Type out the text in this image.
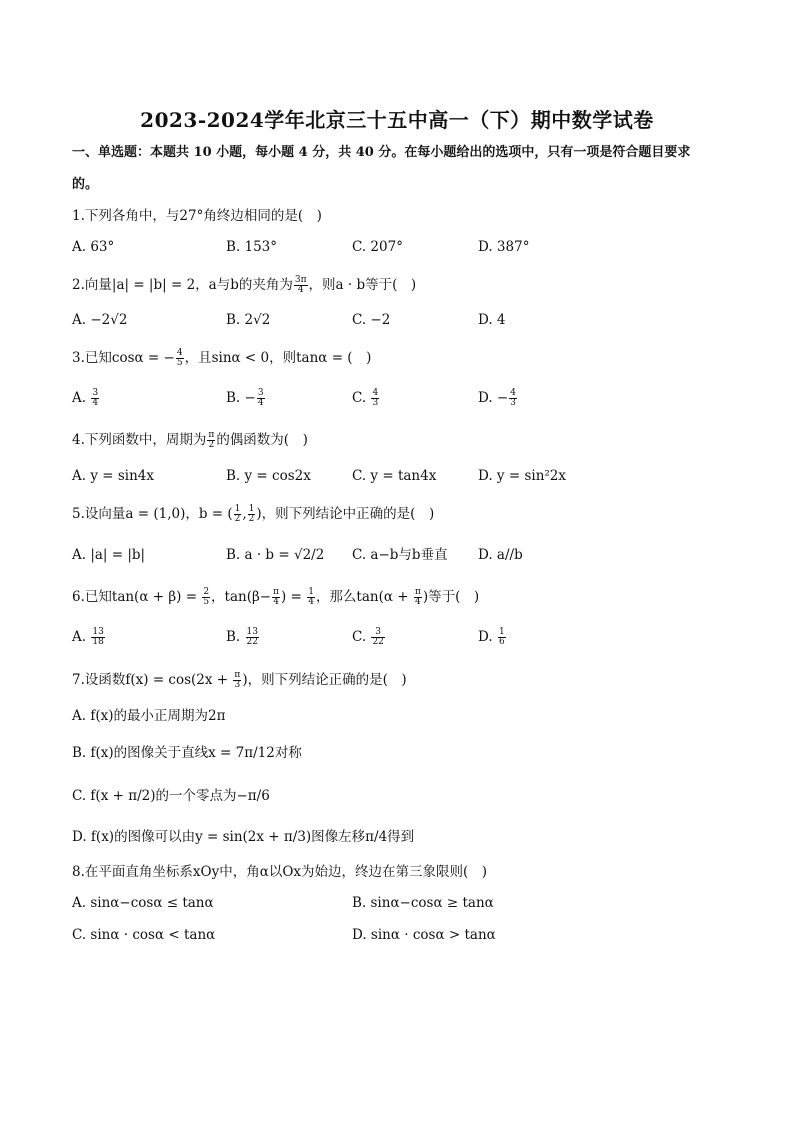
2023-2024学年北京三十五中高一（下）期中数学试卷
一、单选题：本题共 10 小题，每小题 4 分，共 40 分。在每小题给出的选项中，只有一项是符合题目要求
的。
1.下列各角中，与27°角终边相同的是(　)
A. 63°	B. 153°	C. 207°	D. 387°
2.向量|a| = |b| = 2，a与b的夹角为 $\frac{3\pi}{4}$ ，则a · b等于(　)
A. −2√2	B. 2√2	C. −2	D. 4
3.已知cosα = − $\frac{4}{5}$ ，且sinα < 0，则tanα = (　)
A. $\frac{3}{4}$	B. − $\frac{3}{4}$	C. $\frac{4}{3}$	D. − $\frac{4}{3}$
4.下列函数中，周期为 $\frac{\pi}{2}$ 的偶函数为(　)
A. y = sin4x	B. y = cos2x	C. y = tan4x	D. y = sin²2x
5.设向量a = (1,0)，b = ( $\frac{1}{2}$ , $\frac{1}{2}$ )，则下列结论中正确的是(　)
A. |a| = |b|	B. a · b = √2/2 C. a−b与b垂直 D. a//b
6.已知$\tan(\alpha + \beta) = \frac{2}{5}$ ，$\tan(\beta- \frac{\pi}{4}$ ) = $\frac{1}{4}$ ，那么$\tan(\alpha + \frac{\pi}{4}$ )等于(　)
A. $\frac{13}{18}$	B. $\frac{13}{22}$	C. $\frac{3}{22}$	D. $\frac{1}{6}$
7.设函数$f(x) = \cos(2x + \frac{\pi}{3}$ )，则下列结论正确的是(　)
A. f(x)的最小正周期为2π
B. f(x)的图像关于直线x = 7π/12对称
C. f(x + π/2)的一个零点为−π/6
D. f(x)的图像可以由y = sin(2x + π/3)图像左移π/4得到
8.在平面直角坐标系xOy中，角α以Ox为始边，终边在第三象限则(　)
A. sinα−cosα ≤ tanα	B. sinα−cosα ≥ tanα
C. sinα · cosα < tanα	D. sinα · cosα > tanα
